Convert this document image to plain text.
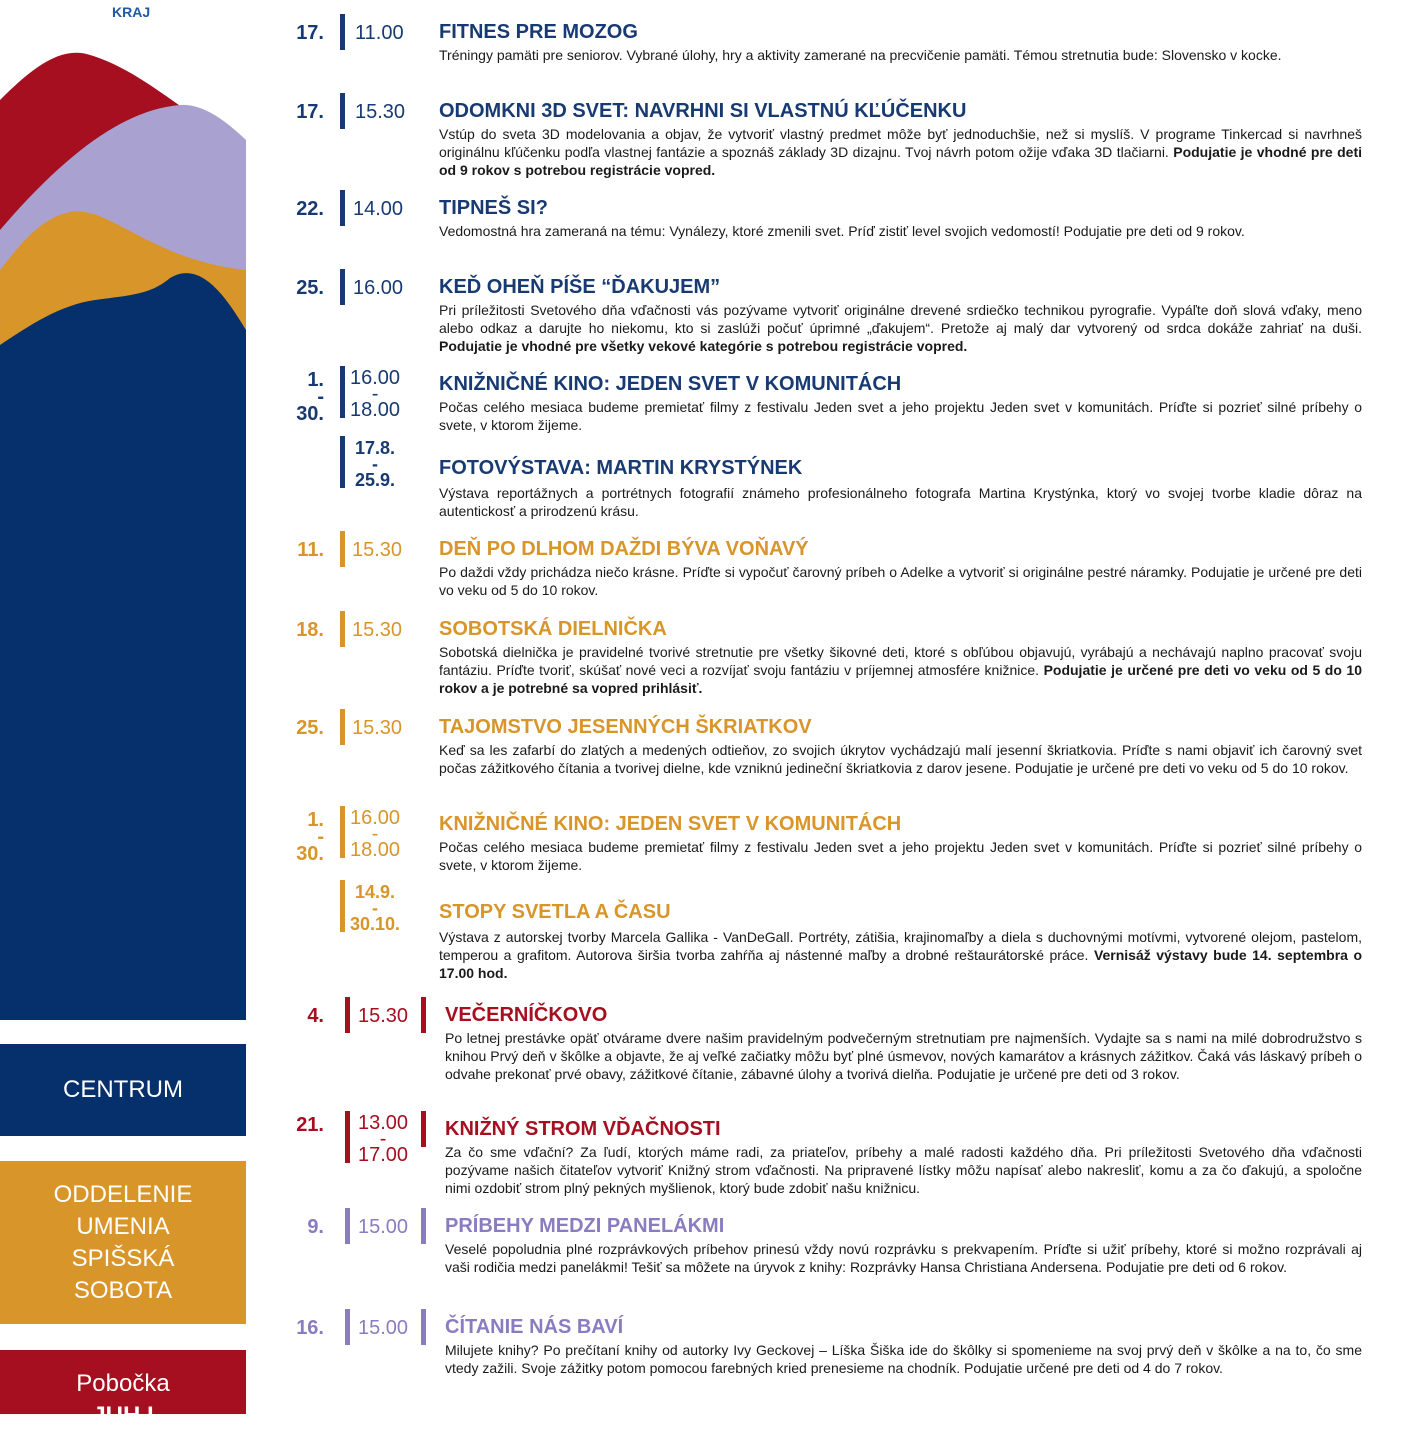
KRAJ
CENTRUM
ODDELENIE
UMENIA
SPIŠSKÁ
SOBOTA
Pobočka
JUH I
17. 11.00 FITNES PRE MOZOG
Tréningy pamäti pre seniorov. Vybrané úlohy, hry a aktivity zamerané na precvičenie pamäti. Témou stretnutia bude: Slovensko v kocke.
17. 15.30 ODOMKNI 3D SVET: NAVRHNI SI VLASTNÚ KĽÚČENKU
Vstúp do sveta 3D modelovania a objav, že vytvoriť vlastný predmet môže byť jednoduchšie, než si myslíš. V programe Tinkercad si navrhneš originálnu kľúčenku podľa vlastnej fantázie a spoznáš základy 3D dizajnu. Tvoj návrh potom ožije vďaka 3D tlačiarni. Podujatie je vhodné pre deti od 9 rokov s potrebou registrácie vopred.
22. 14.00 TIPNEŠ SI?
Vedomostná hra zameraná na tému: Vynálezy, ktoré zmenili svet. Príď zistiť level svojich vedomostí! Podujatie pre deti od 9 rokov.
25. 16.00 KEĎ OHEŇ PÍŠE “ĎAKUJEM”
Pri príležitosti Svetového dňa vďačnosti vás pozývame vytvoriť originálne drevené srdiečko technikou pyrografie. Vypáľte doň slová vďaky, meno alebo odkaz a darujte ho niekomu, kto si zaslúži počuť úprimné „ďakujem“. Pretože aj malý dar vytvorený od srdca dokáže zahriať na duši. Podujatie je vhodné pre všetky vekové kategórie s potrebou registrácie vopred.
1.
-
30.
16.00
-
18.00
KNIŽNIČNÉ KINO: JEDEN SVET V KOMUNITÁCH
Počas celého mesiaca budeme premietať filmy z festivalu Jeden svet a jeho projektu Jeden svet v komunitách. Príďte si pozrieť silné príbehy o svete, v ktorom žijeme.
17.8.
-
25.9.
FOTOVÝSTAVA: MARTIN KRYSTÝNEK
Výstava reportážnych a portrétnych fotografií známeho profesionálneho fotografa Martina Krystýnka, ktorý vo svojej tvorbe kladie dôraz na autentickosť a prirodzenú krásu.
11. 15.30 DEŇ PO DLHOM DAŽDI BÝVA VOŇAVÝ
Po daždi vždy prichádza niečo krásne. Príďte si vypočuť čarovný príbeh o Adelke a vytvoriť si originálne pestré náramky. Podujatie je určené pre deti vo veku od 5 do 10 rokov.
18. 15.30 SOBOTSKÁ DIELNIČKA
Sobotská dielnička je pravidelné tvorivé stretnutie pre všetky šikovné deti, ktoré s obľúbou objavujú, vyrábajú a nechávajú naplno pracovať svoju fantáziu. Príďte tvoriť, skúšať nové veci a rozvíjať svoju fantáziu v príjemnej atmosfére knižnice. Podujatie je určené pre deti vo veku od 5 do 10 rokov a je potrebné sa vopred prihlásiť.
25. 15.30 TAJOMSTVO JESENNÝCH ŠKRIATKOV
Keď sa les zafarbí do zlatých a medených odtieňov, zo svojich úkrytov vychádzajú malí jesenní škriatkovia. Príďte s nami objaviť ich čarovný svet počas zážitkového čítania a tvorivej dielne, kde vzniknú jedineční škriatkovia z darov jesene. Podujatie je určené pre deti vo veku od 5 do 10 rokov.
1.
-
30.
16.00
-
18.00
KNIŽNIČNÉ KINO: JEDEN SVET V KOMUNITÁCH
Počas celého mesiaca budeme premietať filmy z festivalu Jeden svet a jeho projektu Jeden svet v komunitách. Príďte si pozrieť silné príbehy o svete, v ktorom žijeme.
14.9.
-
30.10.
STOPY SVETLA A ČASU
Výstava z autorskej tvorby Marcela Gallika - VanDeGall. Portréty, zátišia, krajinomaľby a diela s duchovnými motívmi, vytvorené olejom, pastelom, temperou a grafitom. Autorova širšia tvorba zahŕňa aj nástenné maľby a drobné reštaurátorské práce. Vernisáž výstavy bude 14. septembra o 17.00 hod.
4. 15.30 VEČERNÍČKOVO
Po letnej prestávke opäť otvárame dvere našim pravidelným podvečerným stretnutiam pre najmenších. Vydajte sa s nami na milé dobrodružstvo s knihou Prvý deň v škôlke a objavte, že aj veľké začiatky môžu byť plné úsmevov, nových kamarátov a krásnych zážitkov. Čaká vás láskavý príbeh o odvahe prekonať prvé obavy, zážitkové čítanie, zábavné úlohy a tvorivá dielňa. Podujatie je určené pre deti od 3 rokov.
21. 13.00
-
17.00
KNIŽNÝ STROM VĎAČNOSTI
Za čo sme vďační? Za ľudí, ktorých máme radi, za priateľov, príbehy a malé radosti každého dňa. Pri príležitosti Svetového dňa vďačnosti pozývame našich čitateľov vytvoriť Knižný strom vďačnosti. Na pripravené lístky môžu napísať alebo nakresliť, komu a za čo ďakujú, a spoločne nimi ozdobiť strom plný pekných myšlienok, ktorý bude zdobiť našu knižnicu.
9. 15.00 PRÍBEHY MEDZI PANELÁKMI
Veselé popoludnia plné rozprávkových príbehov prinesú vždy novú rozprávku s prekvapením. Príďte si užiť príbehy, ktoré si možno rozprávali aj vaši rodičia medzi panelákmi! Tešiť sa môžete na úryvok z knihy: Rozprávky Hansa Christiana Andersena. Podujatie pre deti od 6 rokov.
16. 15.00 ČÍTANIE NÁS BAVÍ
Milujete knihy? Po prečítaní knihy od autorky Ivy Geckovej – Líška Šiška ide do škôlky si spomenieme na svoj prvý deň v škôlke a na to, čo sme vtedy zažili. Svoje zážitky potom pomocou farebných kried prenesieme na chodník. Podujatie určené pre deti od 4 do 7 rokov.
